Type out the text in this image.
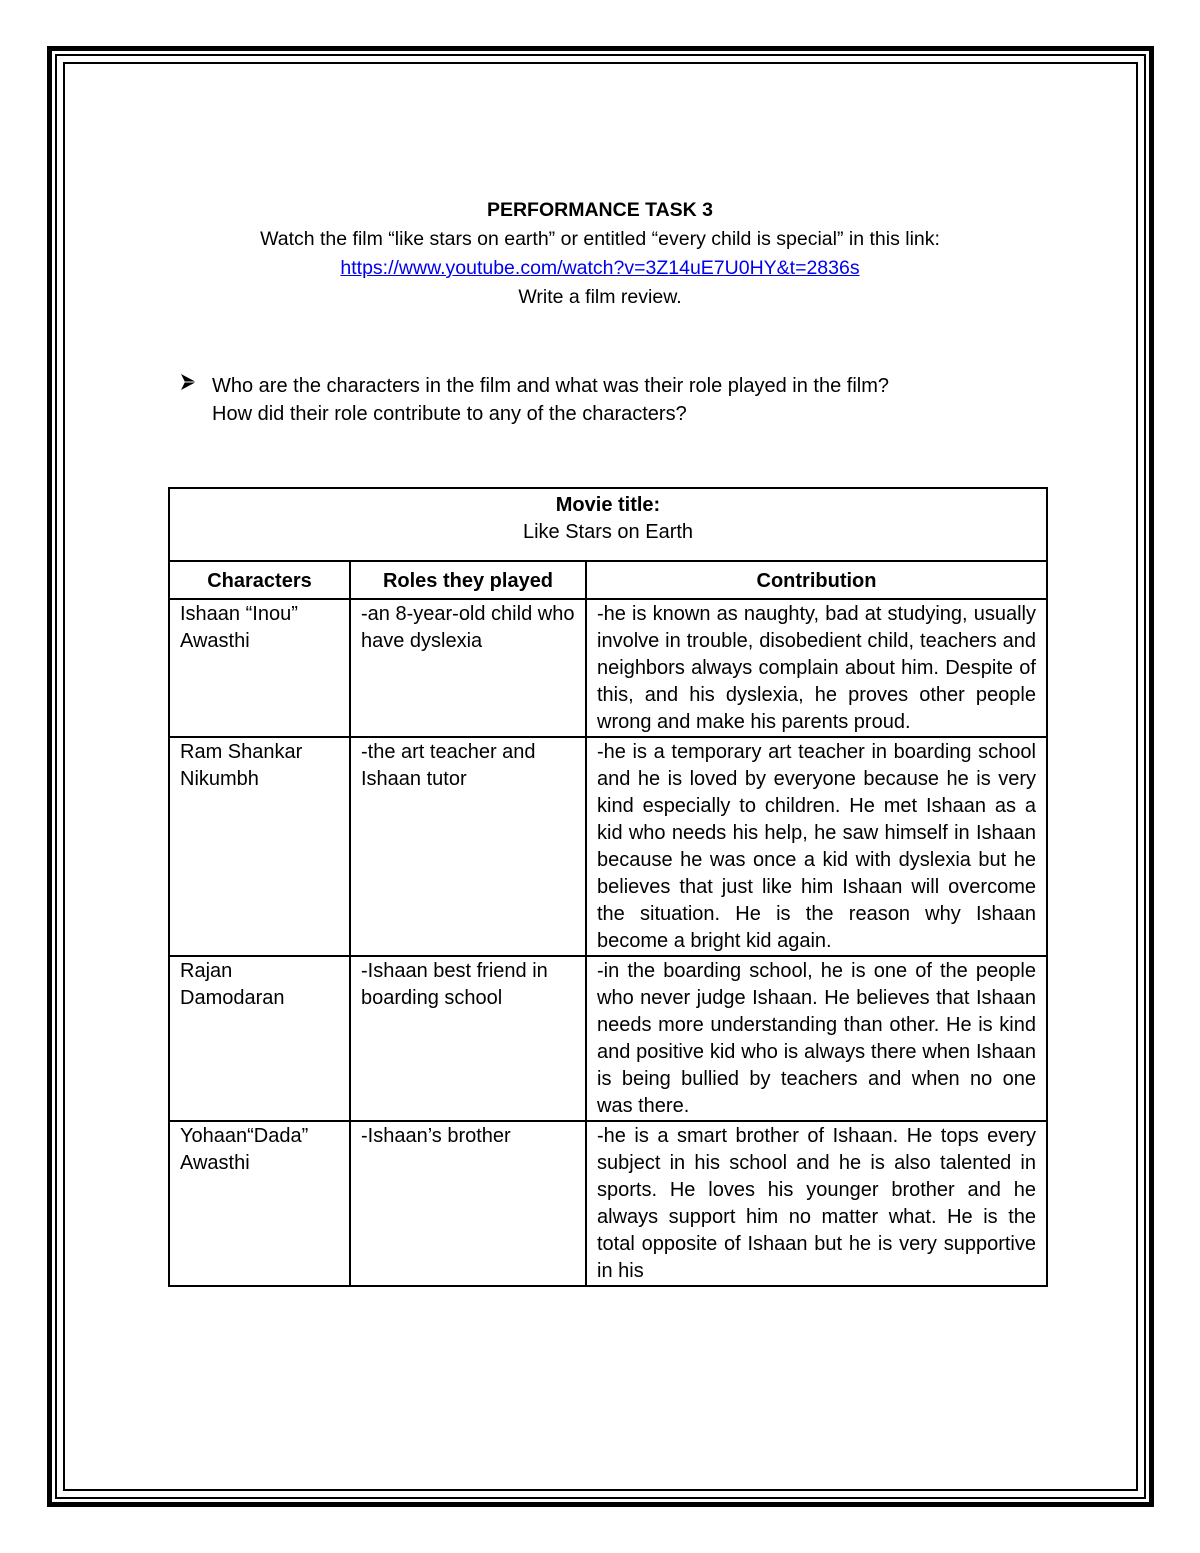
PERFORMANCE TASK 3
Watch the film “like stars on earth” or entitled “every child is special” in this link:
https://www.youtube.com/watch?v=3Z14uE7U0HY&t=2836s
Write a film review.
Who are the characters in the film and what was their role played in the film?
How did their role contribute to any of the characters?
Movie title:
Like Stars on Earth		

Characters	Roles they played	Contribution
Ishaan “Inou” Awasthi	-an 8-year-old child who have dyslexia	-he is known as naughty, bad at studying, usually involve in trouble, disobedient child, teachers and neighbors always complain about him. Despite of this, and his dyslexia, he proves other people wrong and make his parents proud.
Ram Shankar Nikumbh	-the art teacher and Ishaan tutor	-he is a temporary art teacher in boarding school and he is loved by everyone because he is very kind especially to children. He met Ishaan as a kid who needs his help, he saw himself in Ishaan because he was once a kid with dyslexia but he believes that just like him Ishaan will overcome the situation. He is the reason why Ishaan become a bright kid again.
Rajan Damodaran	-Ishaan best friend in boarding school	-in the boarding school, he is one of the people who never judge Ishaan. He believes that Ishaan needs more understanding than other. He is kind and positive kid who is always there when Ishaan is being bullied by teachers and when no one was there.
Yohaan“Dada” Awasthi	-Ishaan’s brother	-he is a smart brother of Ishaan. He tops every subject in his school and he is also talented in sports. He loves his younger brother and he always support him no matter what. He is the total opposite of Ishaan but he is very supportive in his
